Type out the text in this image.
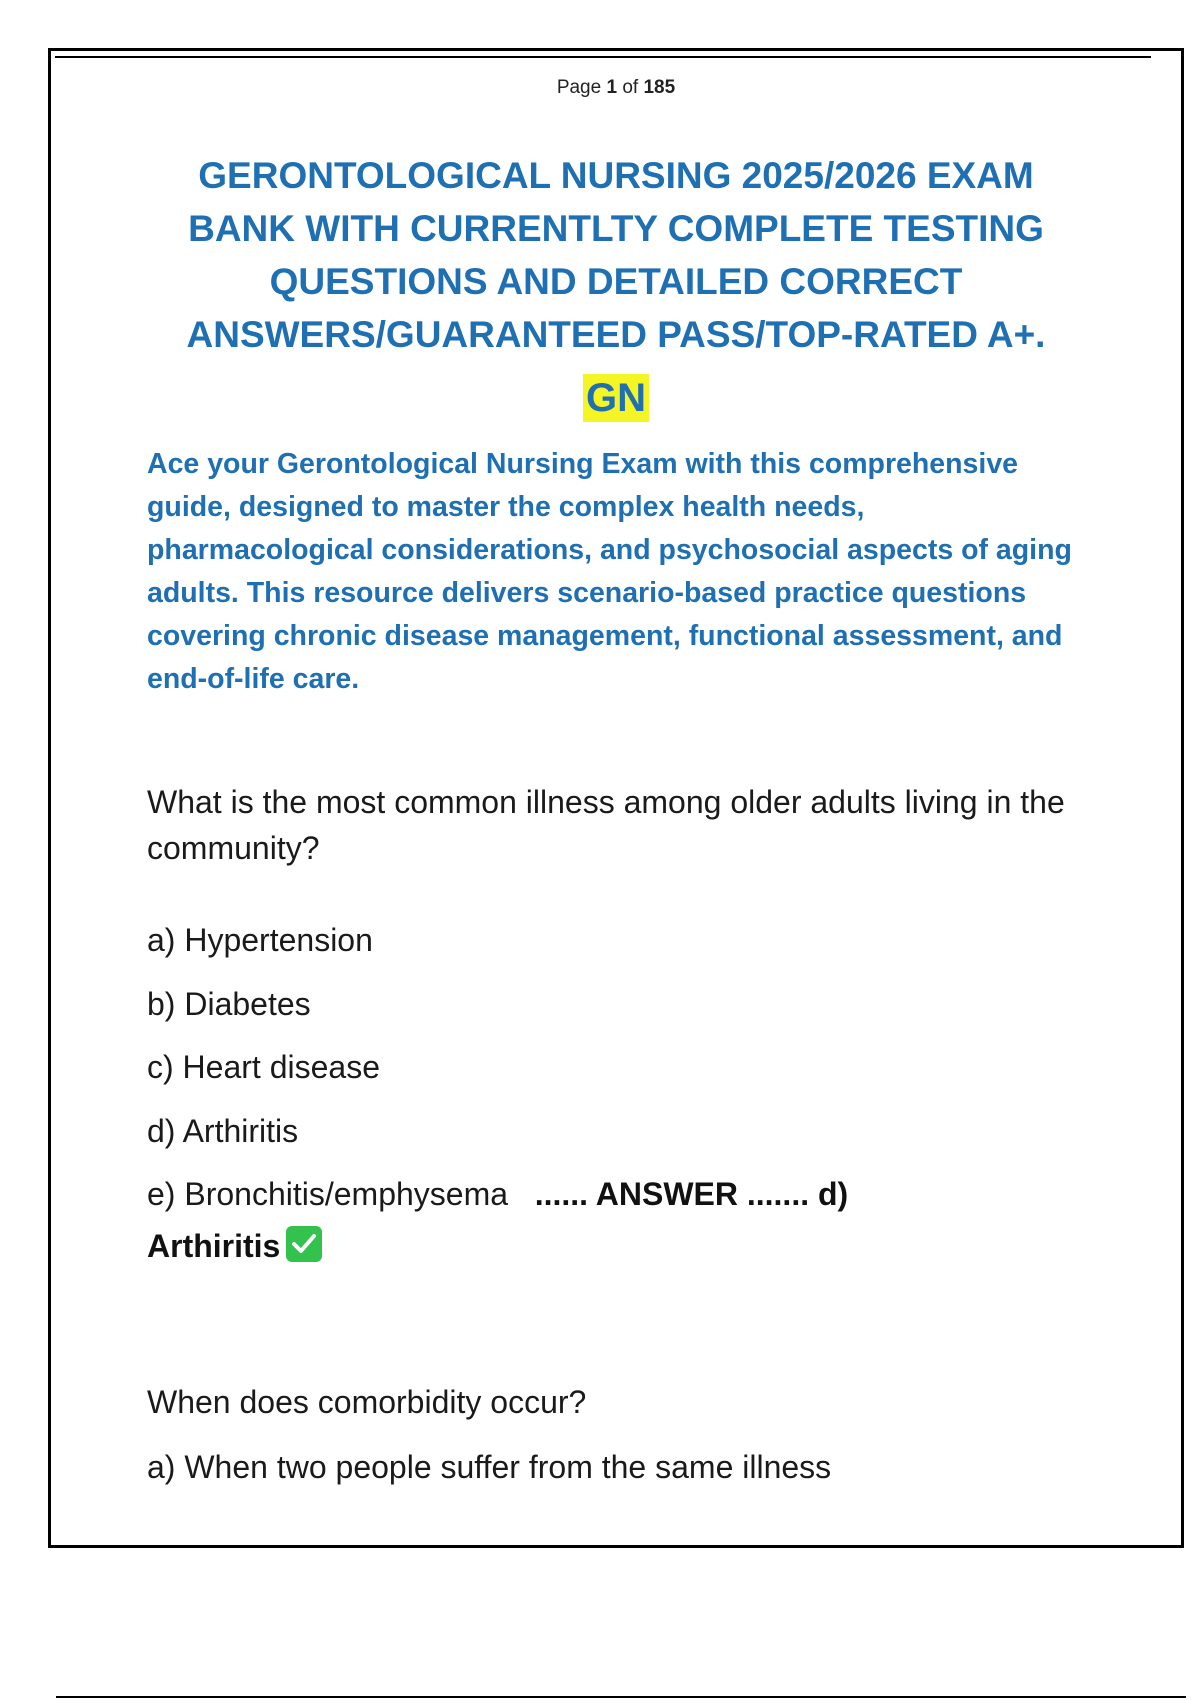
Page 1 of 185
GERONTOLOGICAL NURSING 2025/2026 EXAM BANK WITH CURRENTLTY COMPLETE TESTING QUESTIONS AND DETAILED CORRECT ANSWERS/GUARANTEED PASS/TOP-RATED A+.
GN
Ace your Gerontological Nursing Exam with this comprehensive guide, designed to master the complex health needs, pharmacological considerations, and psychosocial aspects of aging adults. This resource delivers scenario-based practice questions covering chronic disease management, functional assessment, and end-of-life care.
What is the most common illness among older adults living in the community?
a) Hypertension
b) Diabetes
c) Heart disease
d) Arthiritis
e) Bronchitis/emphysema ...... ANSWER ....... d)
Arthiritis
When does comorbidity occur?
a) When two people suffer from the same illness
